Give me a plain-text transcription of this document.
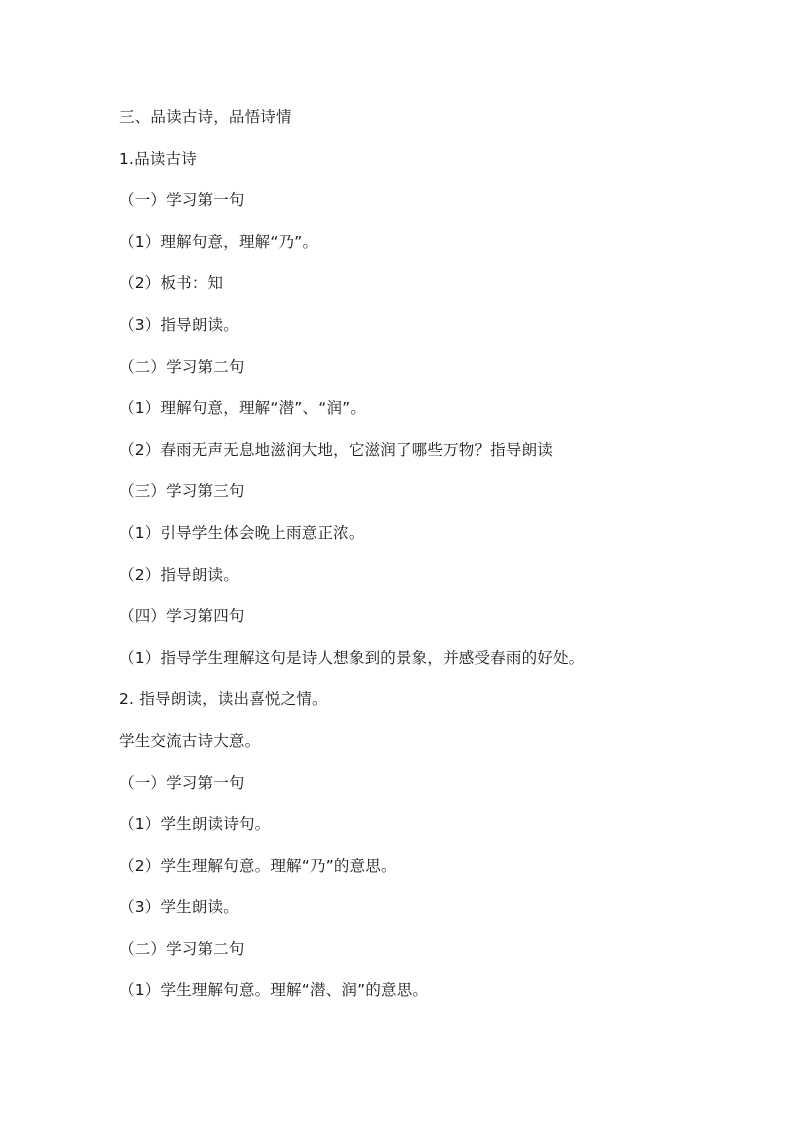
三、品读古诗，品悟诗情
1.品读古诗
（一）学习第一句
（1）理解句意，理解“乃”。
（2）板书：知
（3）指导朗读。
（二）学习第二句
（1）理解句意，理解“潜”、“润”。
（2）春雨无声无息地滋润大地，它滋润了哪些万物？指导朗读
（三）学习第三句
（1）引导学生体会晚上雨意正浓。
（2）指导朗读。
（四）学习第四句
（1）指导学生理解这句是诗人想象到的景象，并感受春雨的好处。
2. 指导朗读，读出喜悦之情。
学生交流古诗大意。
（一）学习第一句
（1）学生朗读诗句。
（2）学生理解句意。理解“乃”的意思。
（3）学生朗读。
（二）学习第二句
（1）学生理解句意。理解“潜、润”的意思。
